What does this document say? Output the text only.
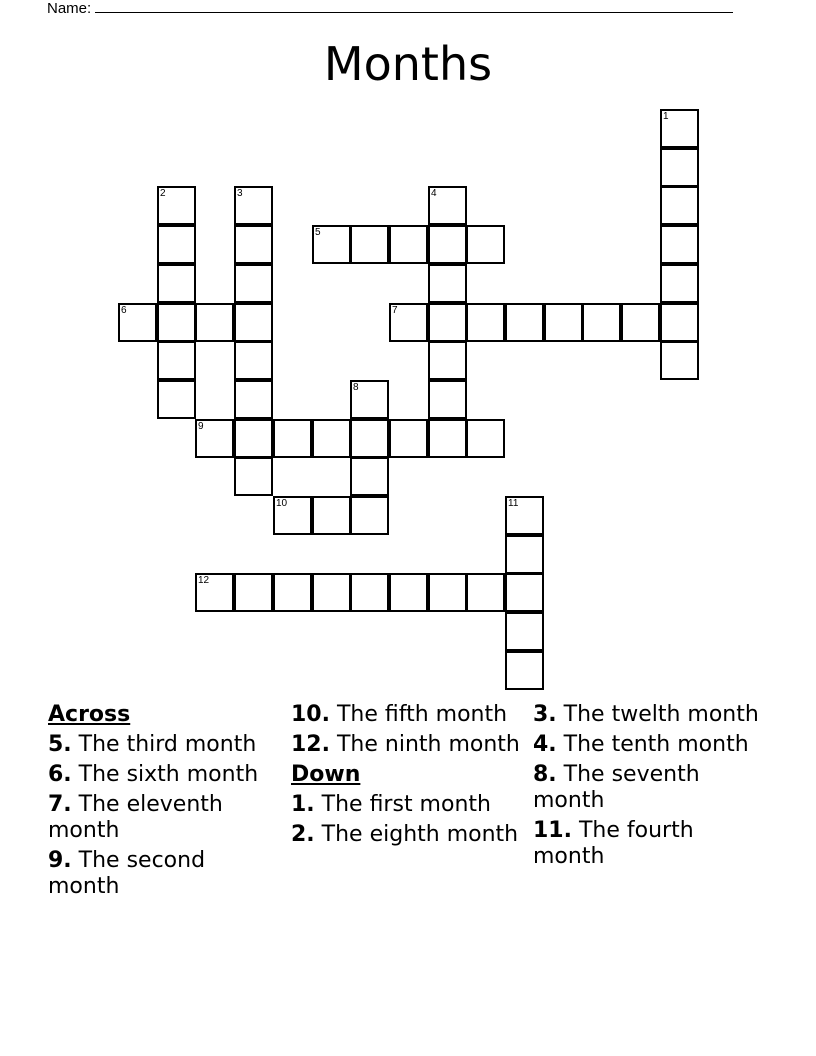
Name:
Months
1
2	3	4
5
6	7
8
9
10	11
12
Across
5. The third month
6. The sixth month
7. The eleventh month
9. The second month
10. The fifth month
12. The ninth month
Down
1. The first month
2. The eighth month
3. The twelth month
4. The tenth month
8. The seventh month
11. The fourth month
